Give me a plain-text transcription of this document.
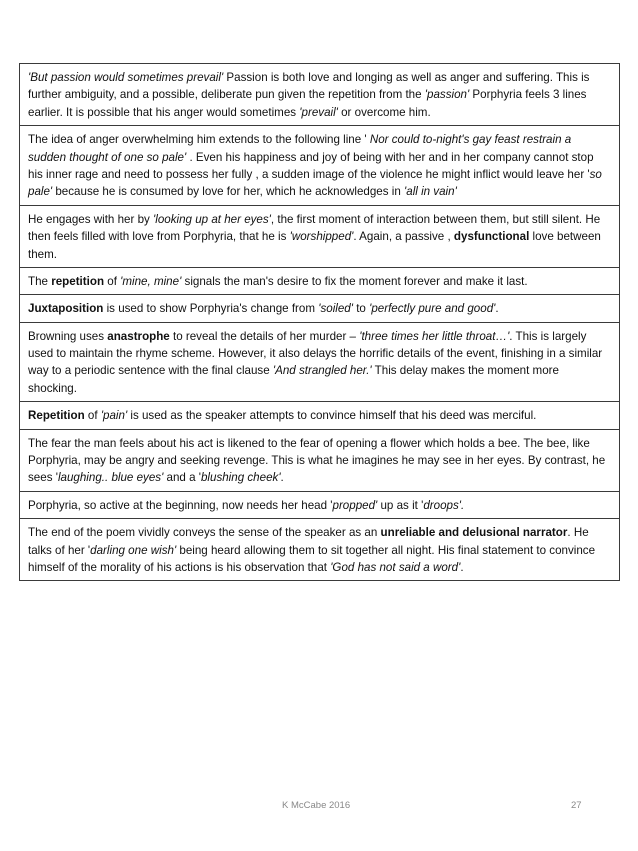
'But passion would sometimes prevail' Passion is both love and longing as well as anger and suffering. This is further ambiguity, and a possible, deliberate pun given the repetition from the 'passion' Porphyria feels 3 lines earlier. It is possible that his anger would sometimes 'prevail' or overcome him.
The idea of anger overwhelming him extends to the following line ' Nor could to-night's gay feast restrain a sudden thought of one so pale' . Even his happiness and joy of being with her and in her company cannot stop his inner rage and need to possess her fully , a sudden image of the violence he might inflict would leave her 'so pale' because he is consumed by love for her, which he acknowledges in 'all in vain'
He engages with her by 'looking up at her eyes', the first moment of interaction between them, but still silent. He then feels filled with love from Porphyria, that he is 'worshipped'. Again, a passive , dysfunctional love between them.
The repetition of 'mine, mine' signals the man's desire to fix the moment forever and make it last.
Juxtaposition is used to show Porphyria's change from 'soiled' to 'perfectly pure and good'.
Browning uses anastrophe to reveal the details of her murder – 'three times her little throat…'. This is largely used to maintain the rhyme scheme. However, it also delays the horrific details of the event, finishing in a similar way to a periodic sentence with the final clause 'And strangled her.' This delay makes the moment more shocking.
Repetition of 'pain' is used as the speaker attempts to convince himself that his deed was merciful.
The fear the man feels about his act is likened to the fear of opening a flower which holds a bee. The bee, like Porphyria, may be angry and seeking revenge. This is what he imagines he may see in her eyes. By contrast, he sees 'laughing.. blue eyes' and a 'blushing cheek'.
Porphyria, so active at the beginning, now needs her head 'propped' up as it 'droops'.
The end of the poem vividly conveys the sense of the speaker as an unreliable and delusional narrator. He talks of her 'darling one wish' being heard allowing them to sit together all night. His final statement to convince himself of the morality of his actions is his observation that 'God has not said a word'.
K McCabe 2016	27
